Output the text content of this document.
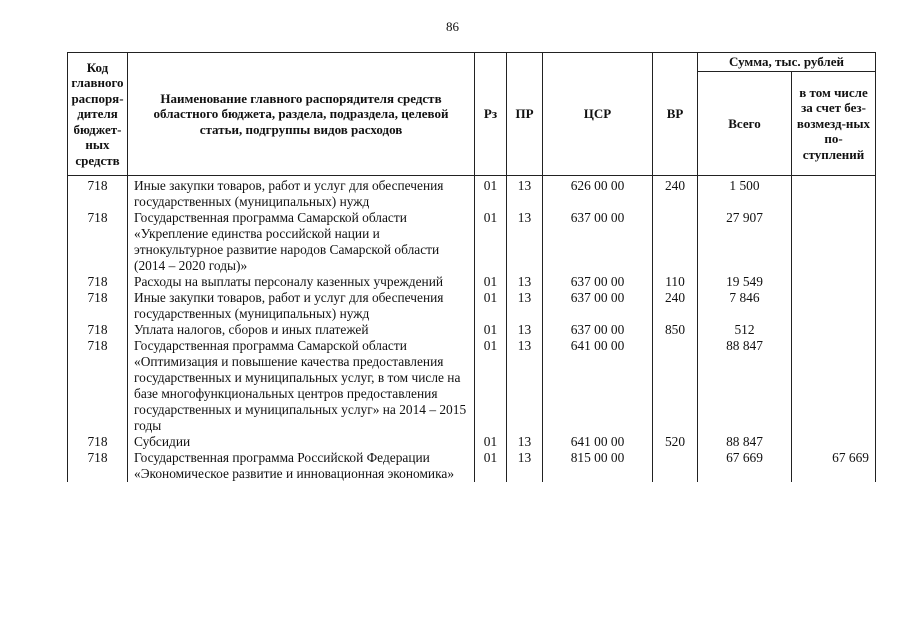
86
Код главного распоря-дителя бюджет-ных средств	Наименование главного распорядителя средств областного бюджета, раздела, подраздела, целевой статьи, подгруппы видов расходов	Рз	ПР	ЦСР	ВР	Сумма, тыс. рублей	
						Всего	в том числе за счет без-возмезд-ных по-ступлений
718	Иные закупки товаров, работ и услуг для обеспечения государственных (муниципальных) нужд	01	13	626 00 00	240	1 500	
718	Государственная программа Самарской области «Укрепление единства российской нации и этнокультурное развитие народов Самарской области (2014 – 2020 годы)»	01	13	637 00 00		27 907	
718	Расходы на выплаты персоналу казенных учреждений	01	13	637 00 00	110	19 549	
718	Иные закупки товаров, работ и услуг для обеспечения государственных (муниципальных) нужд	01	13	637 00 00	240	7 846	
718	Уплата налогов, сборов и иных платежей	01	13	637 00 00	850	512	
718	Государственная программа Самарской области «Оптимизация и повышение качества предоставления государственных и муниципальных услуг, в том числе на базе многофункциональных центров предоставления государственных и муниципальных услуг» на 2014 – 2015 годы	01	13	641 00 00		88 847	
718	Субсидии	01	13	641 00 00	520	88 847	
718	Государственная программа Российской Федерации «Экономическое развитие и инновационная экономика»	01	13	815 00 00		67 669	67 669
